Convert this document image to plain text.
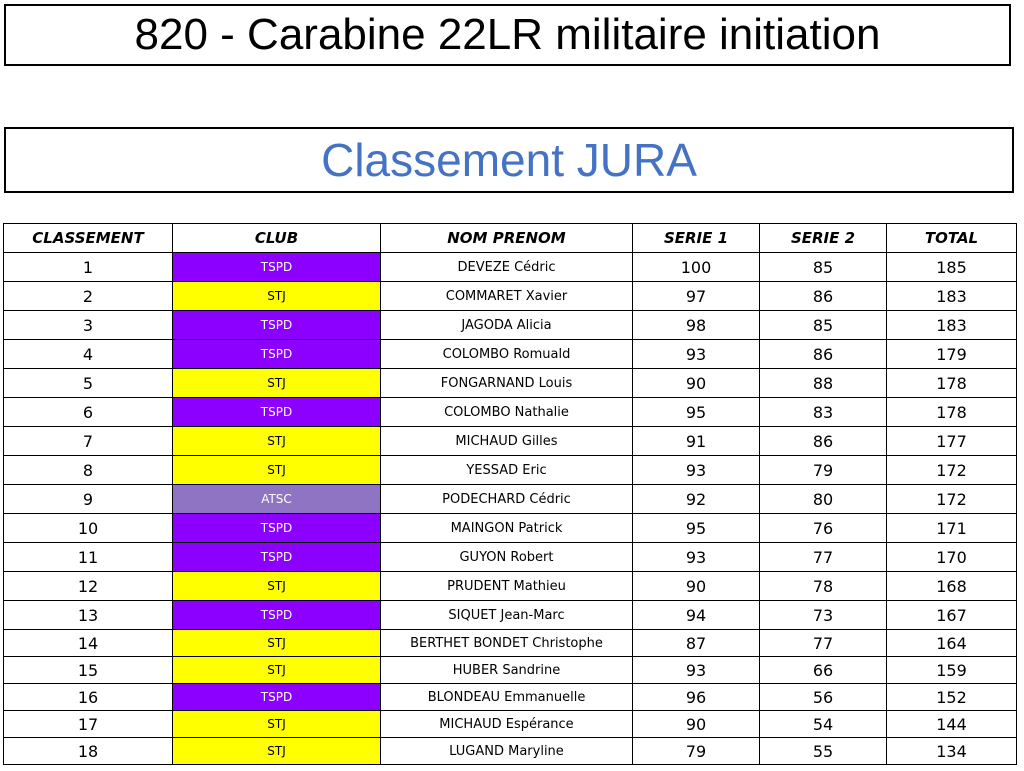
820 - Carabine 22LR militaire initiation
Classement JURA
CLASSEMENT	CLUB	NOM PRENOM	SERIE 1	SERIE 2	TOTAL
1	TSPD	DEVEZE Cédric	100	85	185
2	STJ	COMMARET Xavier	97	86	183
3	TSPD	JAGODA Alicia	98	85	183
4	TSPD	COLOMBO Romuald	93	86	179
5	STJ	FONGARNAND Louis	90	88	178
6	TSPD	COLOMBO Nathalie	95	83	178
7	STJ	MICHAUD Gilles	91	86	177
8	STJ	YESSAD Eric	93	79	172
9	ATSC	PODECHARD Cédric	92	80	172
10	TSPD	MAINGON Patrick	95	76	171
11	TSPD	GUYON Robert	93	77	170
12	STJ	PRUDENT Mathieu	90	78	168
13	TSPD	SIQUET Jean-Marc	94	73	167
14	STJ	BERTHET BONDET Christophe	87	77	164
15	STJ	HUBER Sandrine	93	66	159
16	TSPD	BLONDEAU Emmanuelle	96	56	152
17	STJ	MICHAUD Espérance	90	54	144
18	STJ	LUGAND Maryline	79	55	134
